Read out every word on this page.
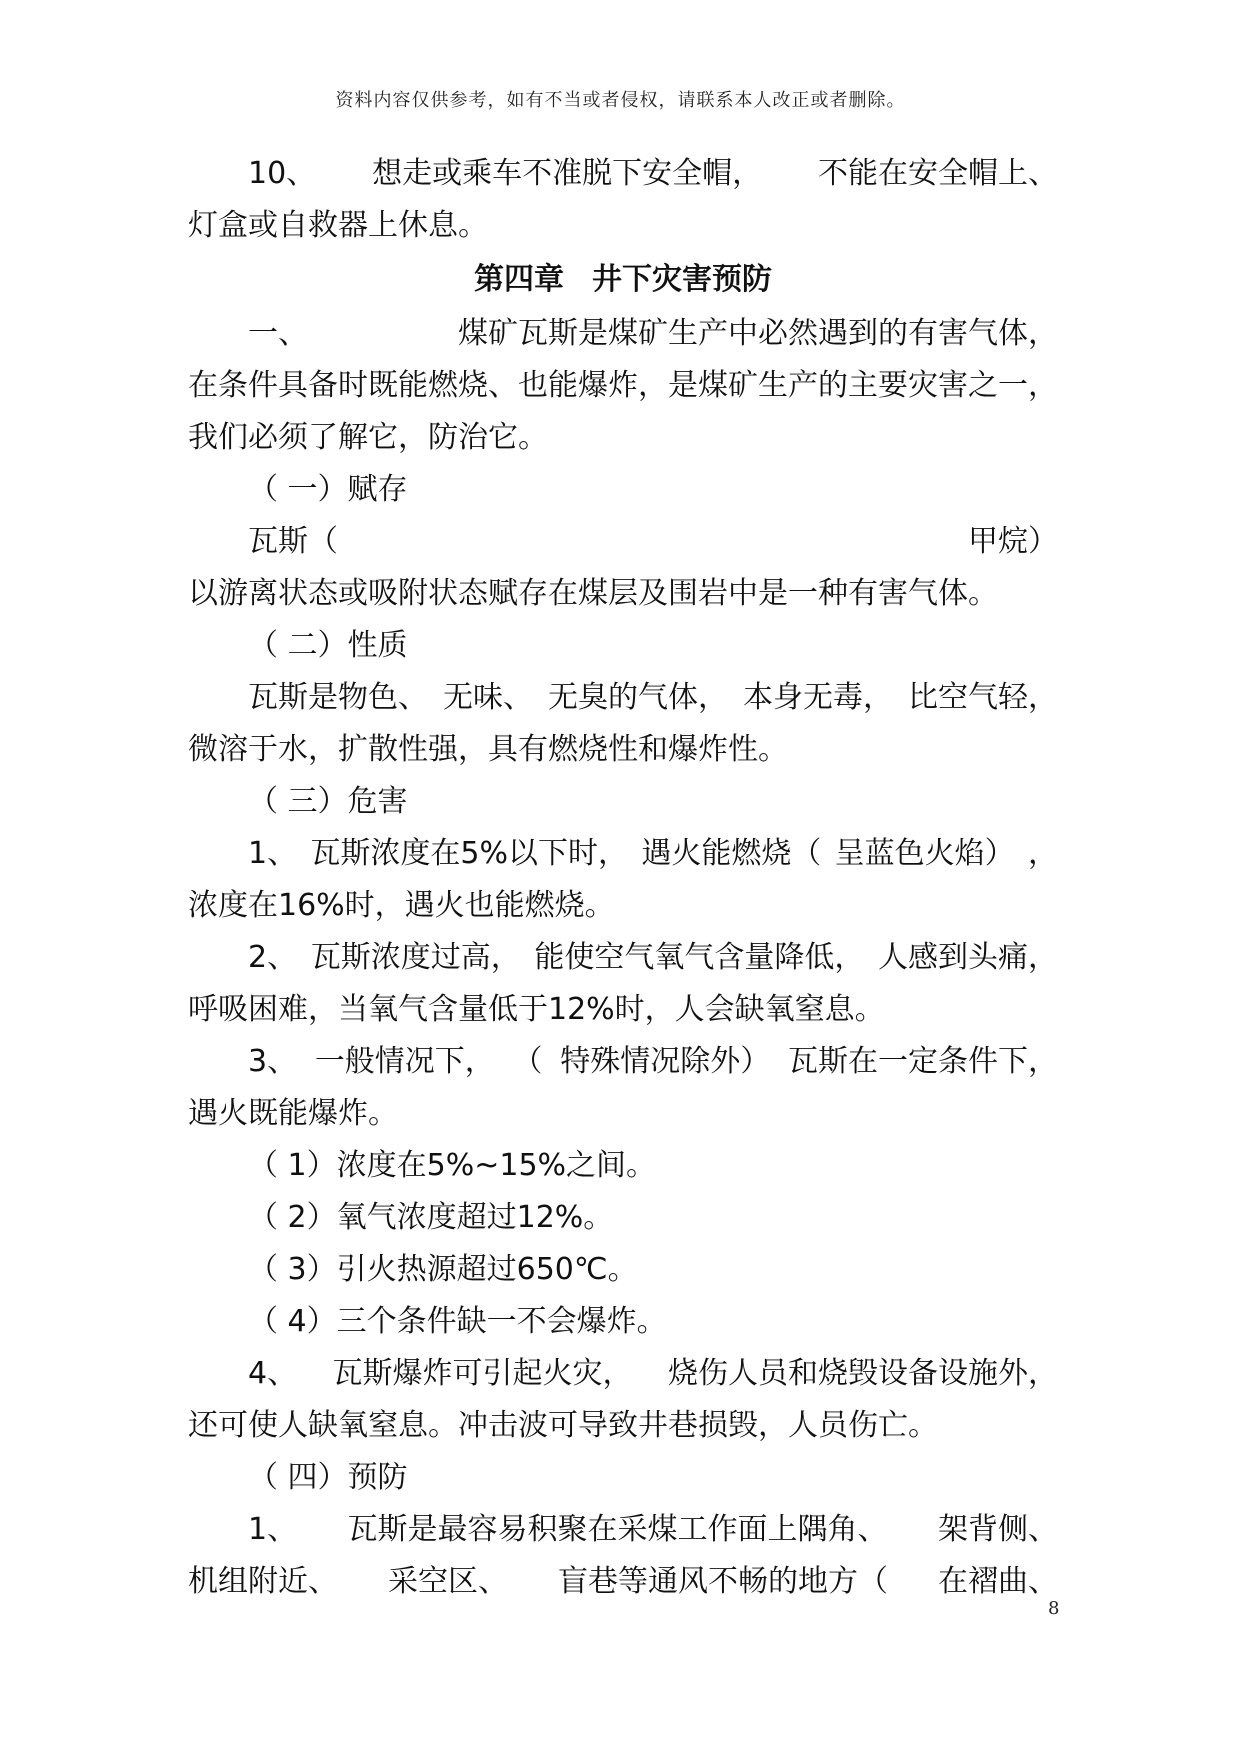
资料内容仅供参考，如有不当或者侵权，请联系本人改正或者删除。
10、 想走或乘车不准脱下安全帽， 不能在安全帽上、
灯盒或自救器上休息。
第四章 井下灾害预防
一、	煤矿瓦斯是煤矿生产中必然遇到的有害气体，
在条件具备时既能燃烧、 也能爆炸， 是煤矿生产的主要灾害之一，
我们必须了解它，防治它。
（ 一）赋存
瓦斯（	甲烷）
以游离状态或吸附状态赋存在煤层及围岩中是一种有害气体。
（ 二）性质
瓦斯是物色、 无味、 无臭的气体， 本身无毒， 比空气轻，
微溶于水，扩散性强，具有燃烧性和爆炸性。
（ 三）危害
1、 瓦斯浓度在5%以下时， 遇火能燃烧（ 呈蓝色火焰） ，
浓度在16%时，遇火也能燃烧。
2、 瓦斯浓度过高， 能使空气氧气含量降低， 人感到头痛，
呼吸困难，当氧气含量低于12%时，人会缺氧窒息。
3、 一般情况下， （ 特殊情况除外） 瓦斯在一定条件下，
遇火既能爆炸。
（ 1）浓度在5%~15%之间。
（ 2）氧气浓度超过12%。
（ 3）引火热源超过650℃。
（ 4）三个条件缺一不会爆炸。
4、 瓦斯爆炸可引起火灾， 烧伤人员和烧毁设备设施外，
还可使人缺氧窒息。冲击波可导致井巷损毁，人员伤亡。
（ 四）预防
1、 瓦斯是最容易积聚在采煤工作面上隅角、 架背侧、
机组附近、 采空区、 盲巷等通风不畅的地方（ 在褶曲、
8
